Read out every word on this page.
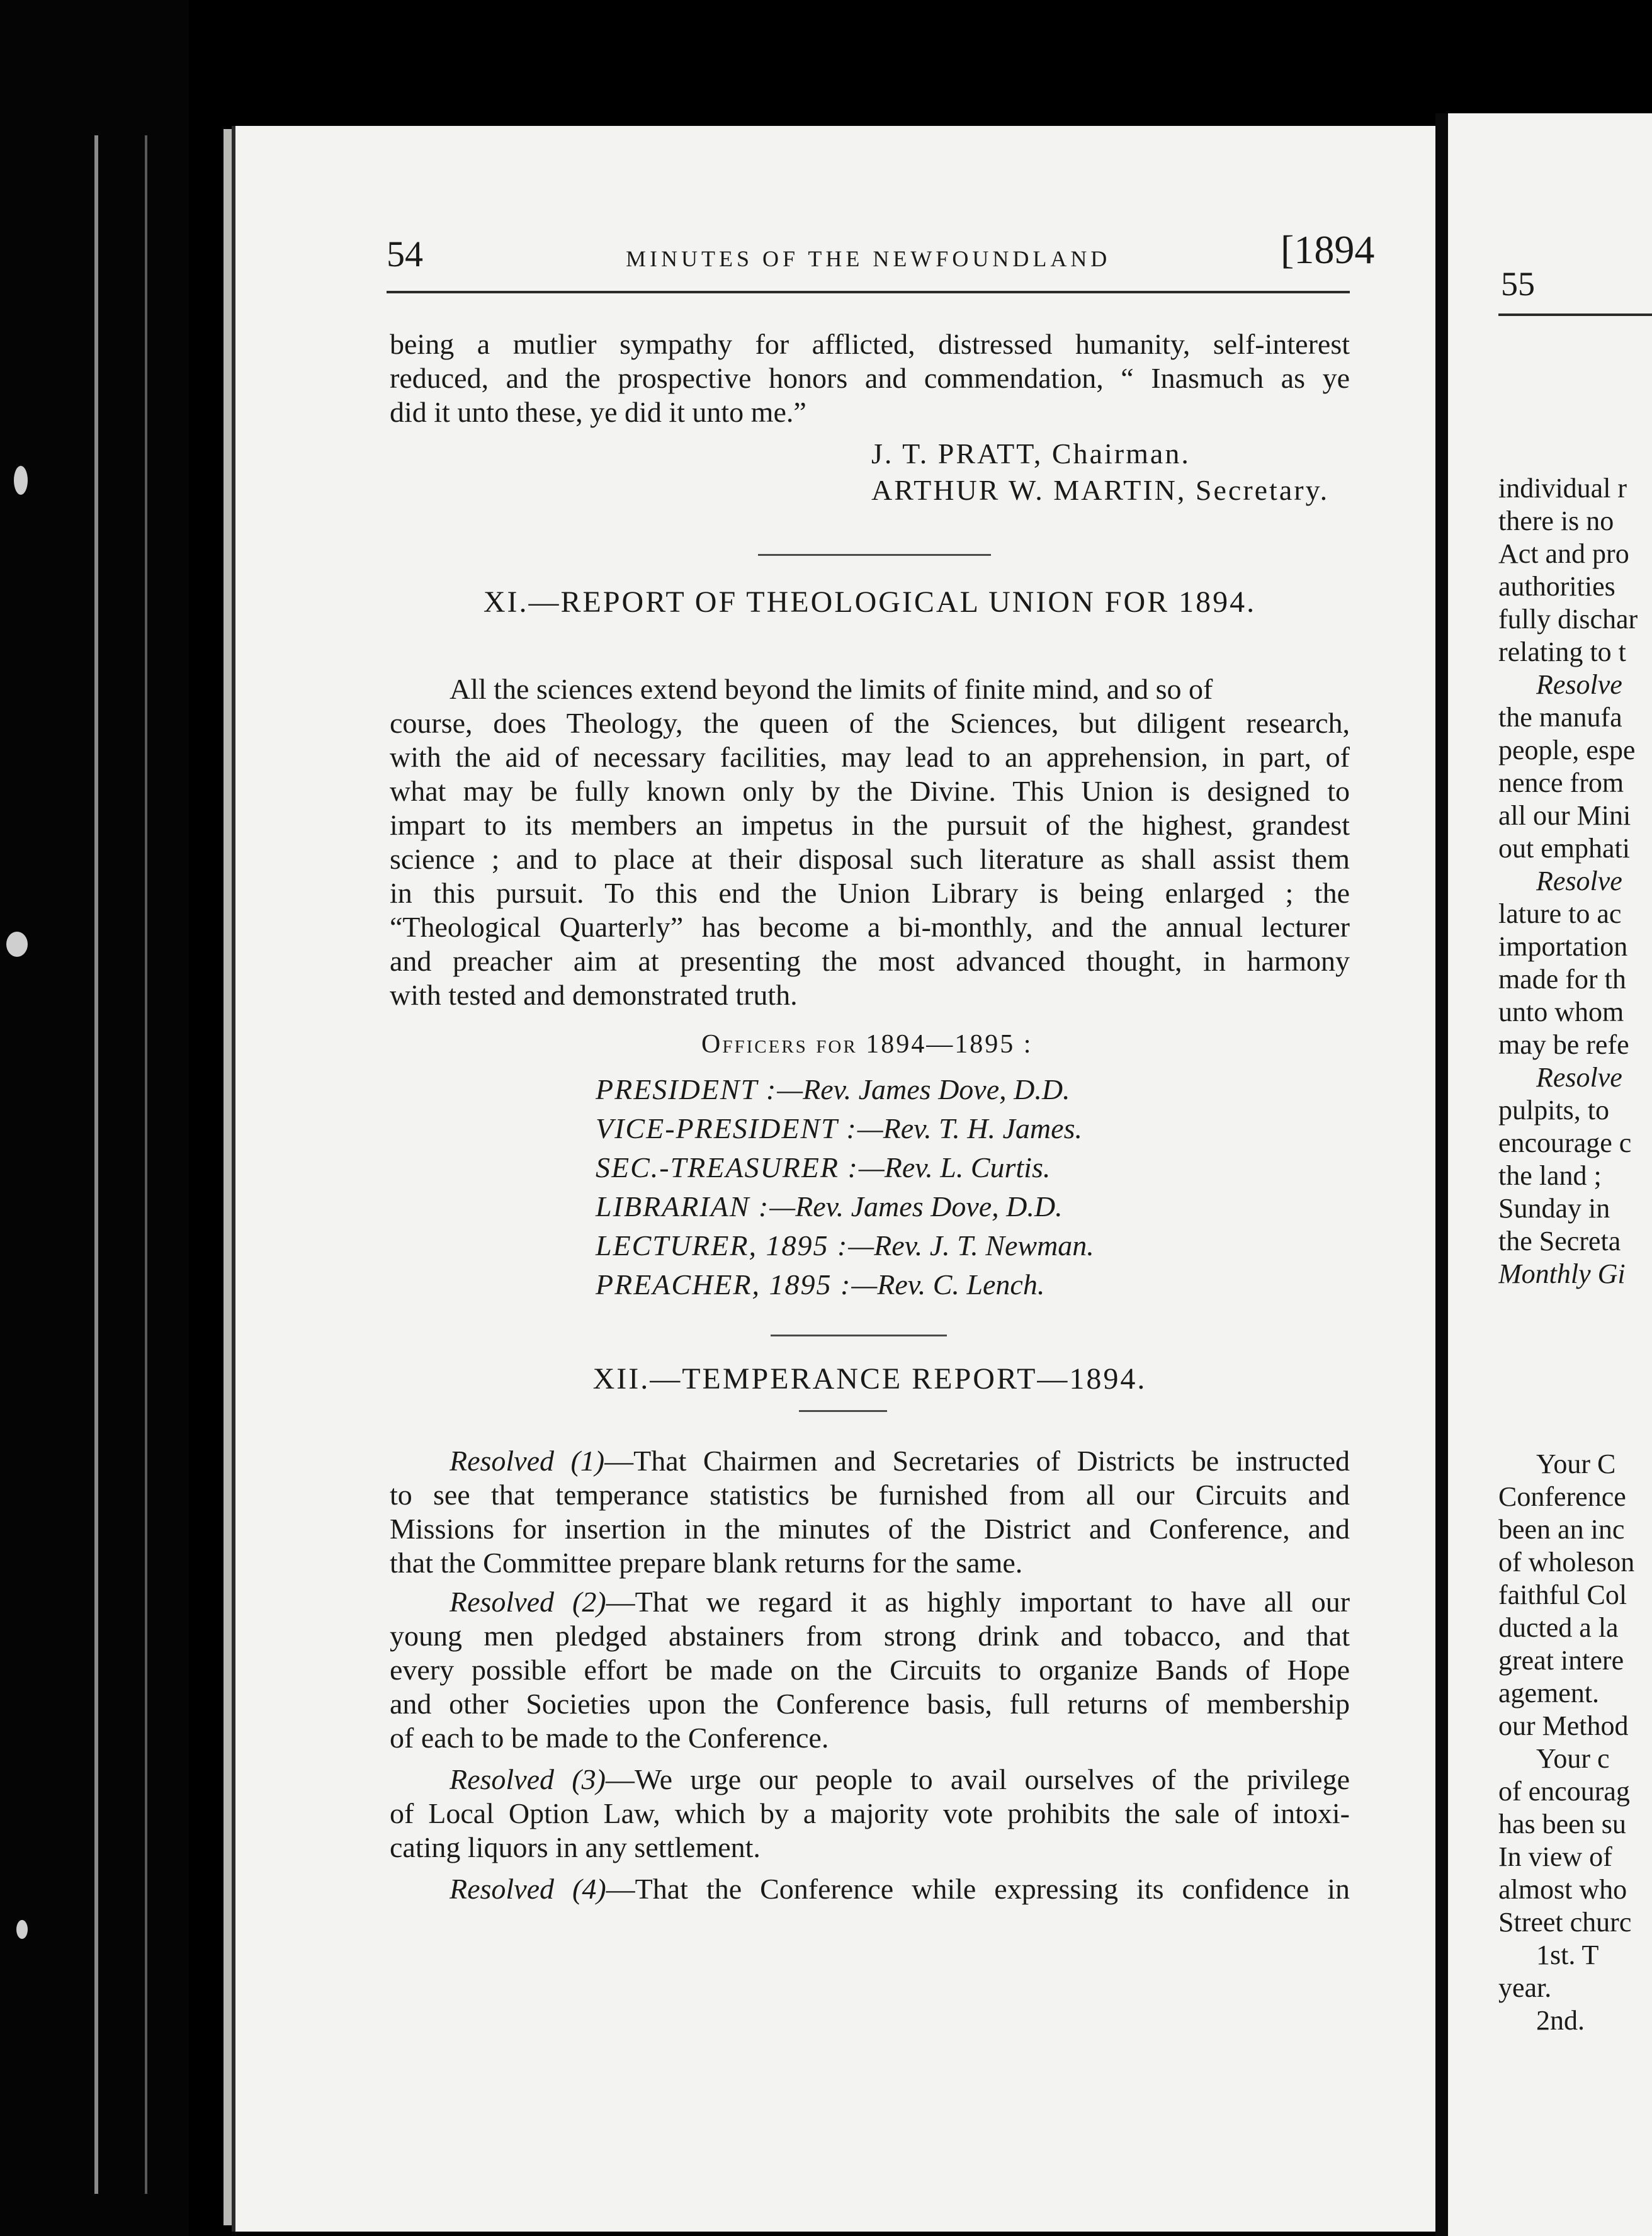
54	MINUTES OF THE NEWFOUNDLAND	[1894
being a mutlier sympathy for afflicted, distressed humanity, self-interest
reduced, and the prospective honors and commendation, “ Inasmuch as ye
did it unto these, ye did it unto me.”
J. T. PRATT, Chairman.
ARTHUR W. MARTIN, Secretary.
XI.—REPORT OF THEOLOGICAL UNION FOR 1894.
All the sciences extend beyond the limits of finite mind, and so of
course, does Theology, the queen of the Sciences, but diligent research,
with the aid of necessary facilities, may lead to an apprehension, in part, of
what may be fully known only by the Divine. This Union is designed to
impart to its members an impetus in the pursuit of the highest, grandest
science ; and to place at their disposal such literature as shall assist them
in this pursuit. To this end the Union Library is being enlarged ; the
“Theological Quarterly” has become a bi-monthly, and the annual lecturer
and preacher aim at presenting the most advanced thought, in harmony
with tested and demonstrated truth.
Officers for 1894—1895 :
PRESIDENT :—Rev. James Dove, D.D.
VICE-PRESIDENT :—Rev. T. H. James.
SEC.-TREASURER :—Rev. L. Curtis.
LIBRARIAN :—Rev. James Dove, D.D.
LECTURER, 1895 :—Rev. J. T. Newman.
PREACHER, 1895 :—Rev. C. Lench.
XII.—TEMPERANCE REPORT—1894.
Resolved (1)—That Chairmen and Secretaries of Districts be instructed
to see that temperance statistics be furnished from all our Circuits and
Missions for insertion in the minutes of the District and Conference, and
that the Committee prepare blank returns for the same.
Resolved (2)—That we regard it as highly important to have all our
young men pledged abstainers from strong drink and tobacco, and that
every possible effort be made on the Circuits to organize Bands of Hope
and other Societies upon the Conference basis, full returns of membership
of each to be made to the Conference.
Resolved (3)—We urge our people to avail ourselves of the privilege
of Local Option Law, which by a majority vote prohibits the sale of intoxi-
cating liquors in any settlement.
Resolved (4)—That the Conference while expressing its confidence in
55
individual r
there is no
Act and pro
authorities
fully dischar
relating to t
Resolve
the manufa
people, espe
nence from
all our Mini
out emphati
Resolve
lature to ac
importation
made for th
unto whom
may be refe
Resolve
pulpits, to
encourage c
the land ;
Sunday in
the Secreta
Monthly Gi
Your C
Conference
been an inc
of wholeson
faithful Col
ducted a la
great intere
agement.
our Method
Your c
of encourag
has been su
In view of
almost who
Street churc
1st. T
year.
2nd.
